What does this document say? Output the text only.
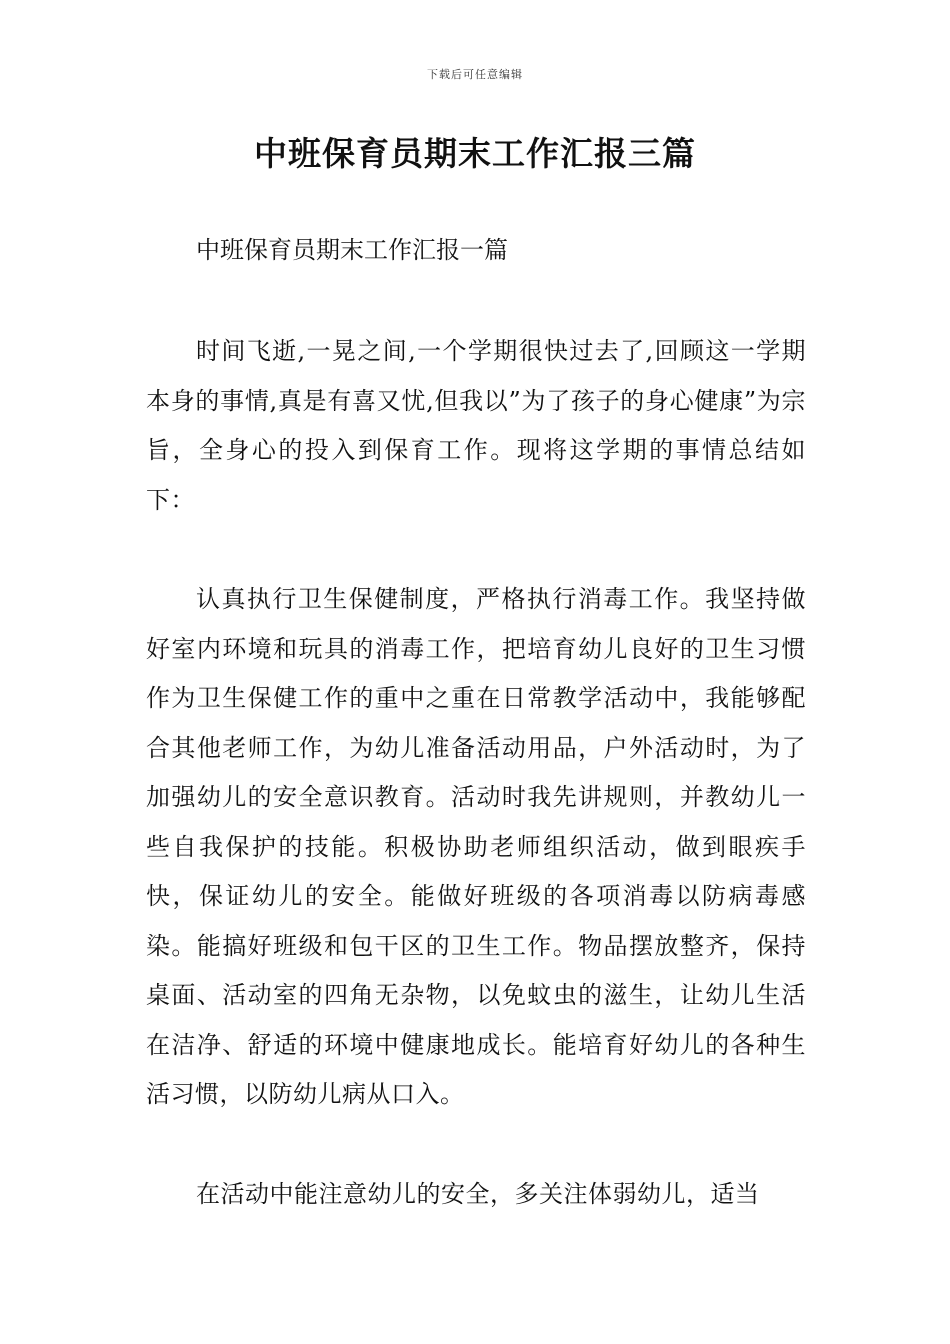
下载后可任意编辑
中班保育员期末工作汇报三篇

中班保育员期末工作汇报一篇

时间飞逝,一晃之间,一个学期很快过去了,回顾这一学期本身的事情,真是有喜又忧,但我以”为了孩子的身心健康”为宗旨，全身心的投入到保育工作。现将这学期的事情总结如下：

认真执行卫生保健制度，严格执行消毒工作。我坚持做好室内环境和玩具的消毒工作，把培育幼儿良好的卫生习惯作为卫生保健工作的重中之重在日常教学活动中，我能够配合其他老师工作，为幼儿准备活动用品，户外活动时，为了加强幼儿的安全意识教育。活动时我先讲规则，并教幼儿一些自我保护的技能。积极协助老师组织活动，做到眼疾手快，保证幼儿的安全。能做好班级的各项消毒以防病毒感染。能搞好班级和包干区的卫生工作。物品摆放整齐，保持桌面、活动室的四角无杂物，以免蚊虫的滋生，让幼儿生活在洁净、舒适的环境中健康地成长。能培育好幼儿的各种生活习惯，以防幼儿病从口入。

在活动中能注意幼儿的安全，多关注体弱幼儿，适当
